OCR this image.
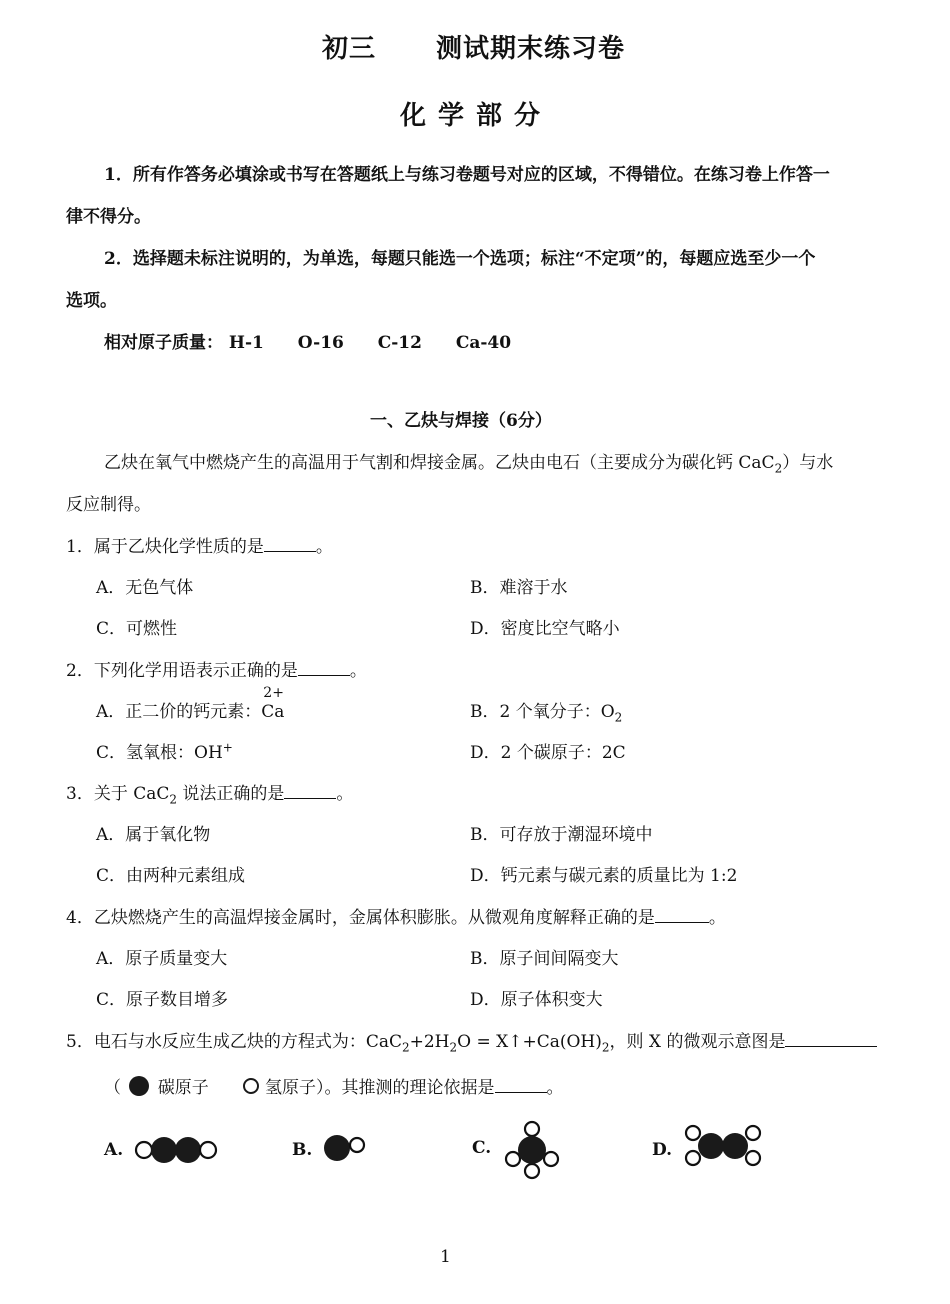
初三 测试期末练习卷
化学部分
1．所有作答务必填涂或书写在答题纸上与练习卷题号对应的区域，不得错位。在练习卷上作答一
律不得分。
2．选择题未标注说明的，为单选，每题只能选一个选项；标注“不定项”的，每题应选至少一个
选项。
相对原子质量： H-1 O-16 C-12 Ca-40
一、乙炔与焊接（6分）
乙炔在氧气中燃烧产生的高温用于气割和焊接金属。乙炔由电石（主要成分为碳化钙 CaC$_2$）与水
反应制得。
1．属于乙炔化学性质的是	。
A．无色气体	B．难溶于水
C．可燃性	D．密度比空气略小
2．下列化学用语表示正确的是	。
A．正二价的钙元素：
2+
Ca	B．2 个氧分子：$O_2$
C．氢氧根：OH+	D．2 个碳原子：2C
3．关于 CaC$_2$ 说法正确的是	。
A．属于氧化物	B．可存放于潮湿环境中
C．由两种元素组成	D．钙元素与碳元素的质量比为 1:2
4．乙炔燃烧产生的高温焊接金属时，金属体积膨胀。从微观角度解释正确的是	。
A．原子质量变大	B．原子间间隔变大
C．原子数目增多	D．原子体积变大
5．电石与水反应生成乙炔的方程式为：$CaC_2+2H_2O$ = $X↑+Ca(OH)_2$，则 X 的微观示意图是
（ 碳原子	氢原子）。其推测的理论依据是	。
A.	B.	C.	D.
1
